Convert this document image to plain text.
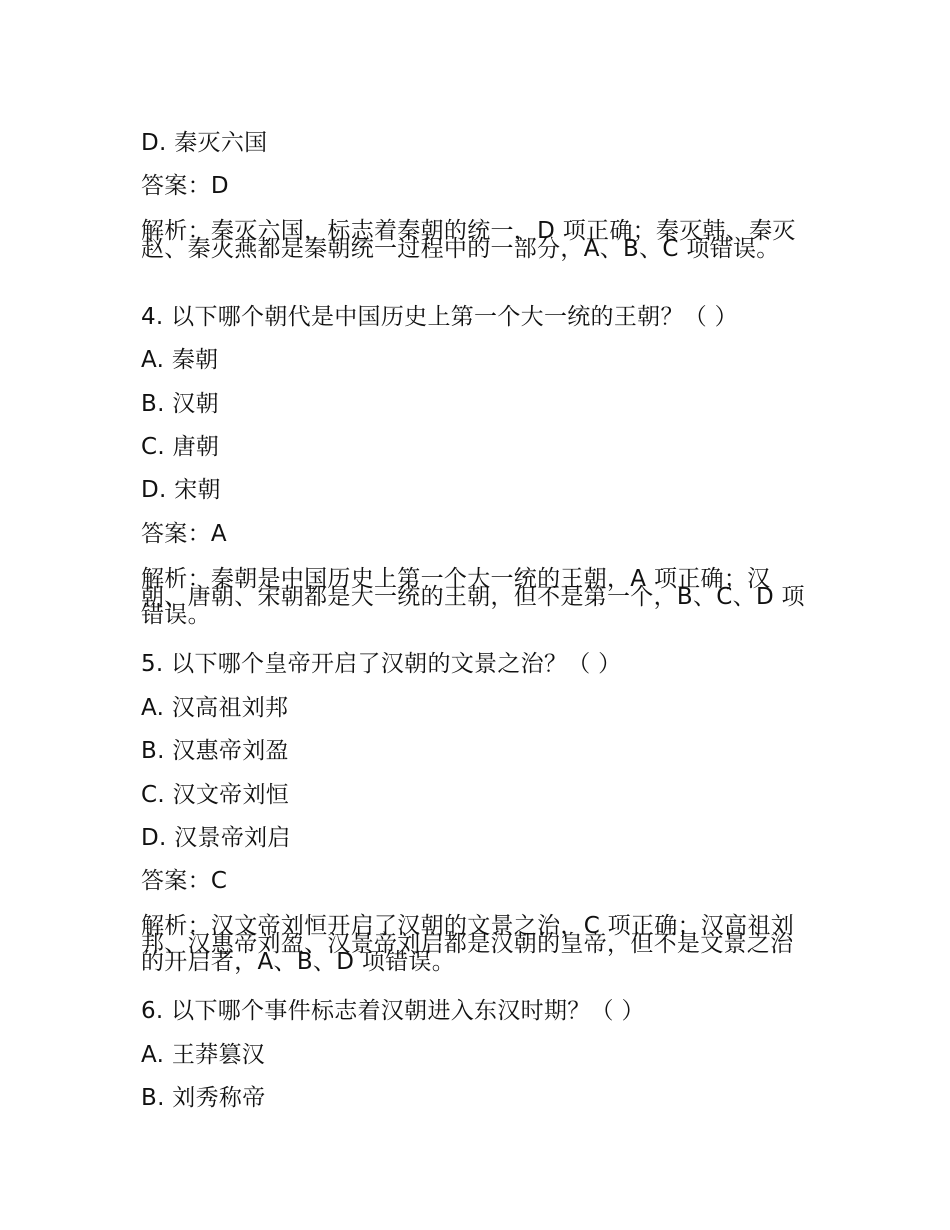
D. 秦灭六国
答案：D
解析：秦灭六国，标志着秦朝的统一，D 项正确；秦灭韩、秦灭赵、秦灭燕都是秦朝统一过程中的一部分，A、B、C 项错误。
4. 以下哪个朝代是中国历史上第一个大一统的王朝？（ ）
A. 秦朝
B. 汉朝
C. 唐朝
D. 宋朝
答案：A
解析：秦朝是中国历史上第一个大一统的王朝，A 项正确；汉朝、唐朝、宋朝都是大一统的王朝，但不是第一个，B、C、D 项错误。
5. 以下哪个皇帝开启了汉朝的文景之治？（ ）
A. 汉高祖刘邦
B. 汉惠帝刘盈
C. 汉文帝刘恒
D. 汉景帝刘启
答案：C
解析：汉文帝刘恒开启了汉朝的文景之治，C 项正确；汉高祖刘邦、汉惠帝刘盈、汉景帝刘启都是汉朝的皇帝，但不是文景之治的开启者，A、B、D 项错误。
6. 以下哪个事件标志着汉朝进入东汉时期？（ ）
A. 王莽篡汉
B. 刘秀称帝
